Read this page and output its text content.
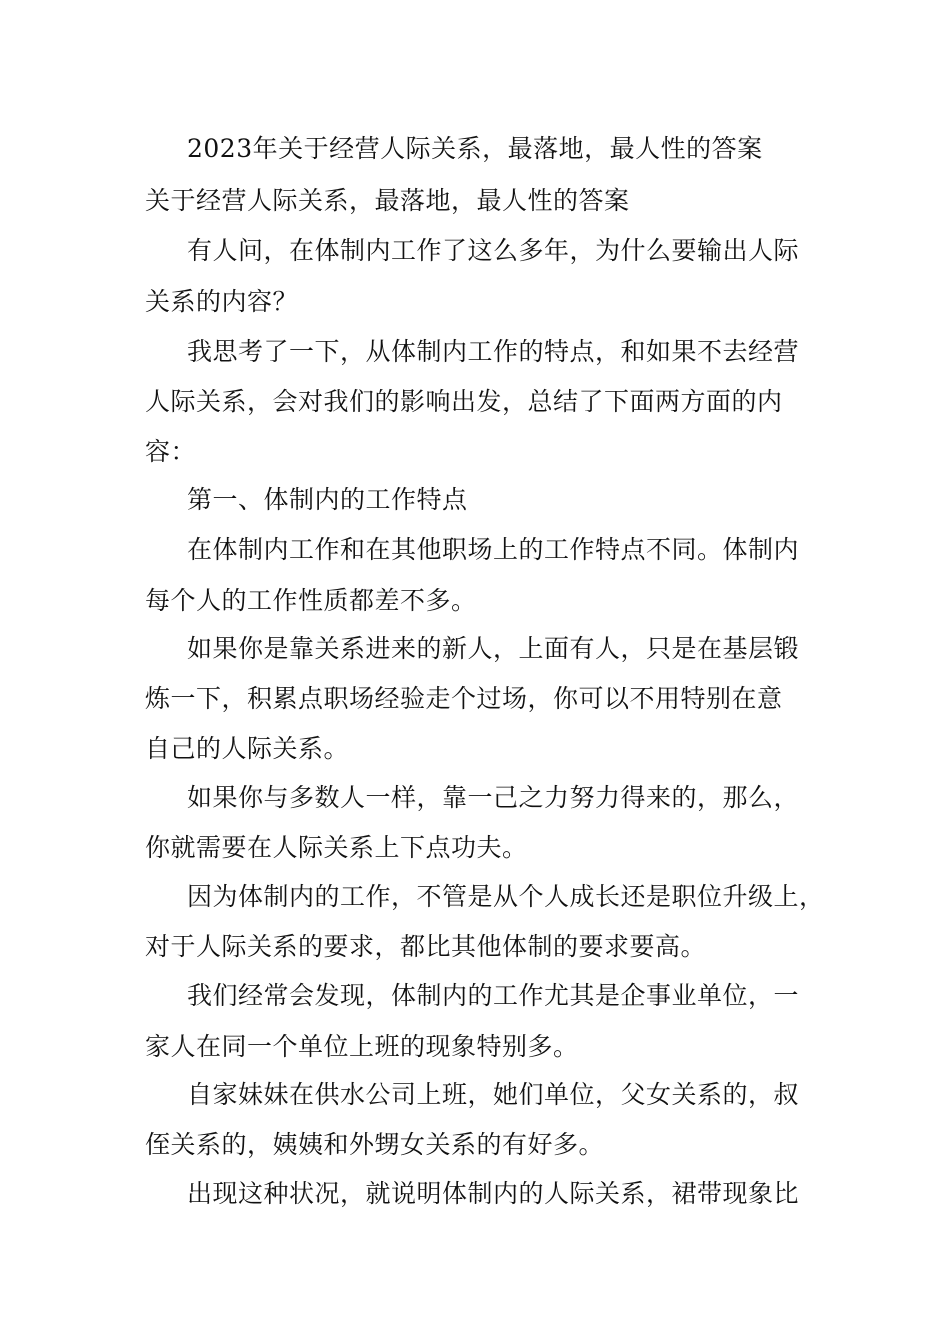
2023年关于经营人际关系，最落地，最人性的答案
关于经营人际关系，最落地，最人性的答案
有人问，在体制内工作了这么多年，为什么要输出人际
关系的内容？
我思考了一下，从体制内工作的特点，和如果不去经营
人际关系，会对我们的影响出发，总结了下面两方面的内
容：
第一、体制内的工作特点
在体制内工作和在其他职场上的工作特点不同。体制内
每个人的工作性质都差不多。
如果你是靠关系进来的新人，上面有人，只是在基层锻
炼一下，积累点职场经验走个过场，你可以不用特别在意
自己的人际关系。
如果你与多数人一样，靠一己之力努力得来的，那么，
你就需要在人际关系上下点功夫。
因为体制内的工作，不管是从个人成长还是职位升级上，
对于人际关系的要求，都比其他体制的要求要高。
我们经常会发现，体制内的工作尤其是企事业单位，一
家人在同一个单位上班的现象特别多。
自家妹妹在供水公司上班，她们单位，父女关系的，叔
侄关系的，姨姨和外甥女关系的有好多。
出现这种状况，就说明体制内的人际关系，裙带现象比
